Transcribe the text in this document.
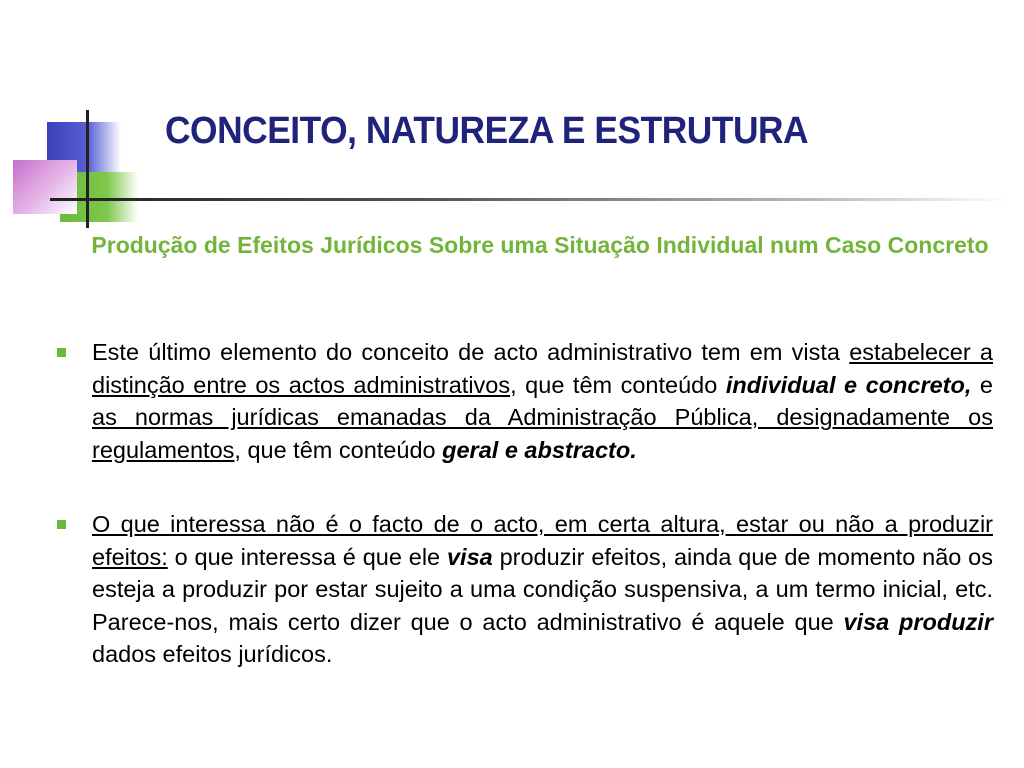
CONCEITO, NATUREZA E ESTRUTURA

Produção de Efeitos Jurídicos Sobre uma Situação Individual num Caso Concreto

Este último elemento do conceito de acto administrativo tem em vista estabelecer a distinção entre os actos administrativos, que têm conteúdo individual e concreto, e as normas jurídicas emanadas da Administração Pública, designadamente os regulamentos, que têm conteúdo geral e abstracto.
O que interessa não é o facto de o acto, em certa altura, estar ou não a produzir efeitos: o que interessa é que ele visa produzir efeitos, ainda que de momento não os esteja a produzir por estar sujeito a uma condição suspensiva, a um termo inicial, etc. Parece-nos, mais certo dizer que o acto administrativo é aquele que visa produzir dados efeitos jurídicos.
